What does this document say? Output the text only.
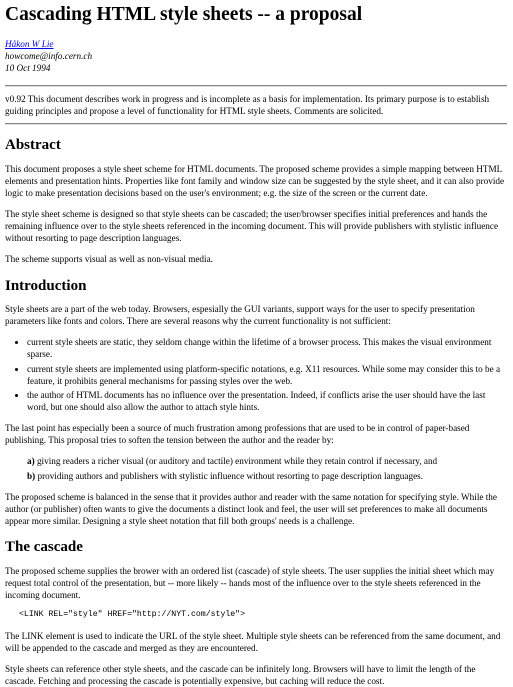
Cascading HTML style sheets -- a proposal
Håkon W Lie
howcome@info.cern.ch
10 Oct 1994

v0.92 This document describes work in progress and is incomplete as a basis for implementation. Its primary purpose is to establish guiding principles and propose a level of functionality for HTML style sheets. Comments are solicited.

Abstract

This document proposes a style sheet scheme for HTML documents. The proposed scheme provides a simple mapping between HTML elements and presentation hints. Properties like font family and window size can be suggested by the style sheet, and it can also provide logic to make presentation decisions based on the user's environment; e.g. the size of the screen or the current date.

The style sheet scheme is designed so that style sheets can be cascaded; the user/browser specifies initial preferences and hands the remaining influence over to the style sheets referenced in the incoming document. This will provide publishers with stylistic influence without resorting to page description languages.

The scheme supports visual as well as non-visual media.

Introduction

Style sheets are a part of the web today. Browsers, espesially the GUI variants, support ways for the user to specify presentation parameters like fonts and colors. There are several reasons why the current functionality is not sufficient:

• current style sheets are static, they seldom change within the lifetime of a browser process. This makes the visual environment sparse.
• current style sheets are implemented using platform-specific notations, e.g. X11 resources. While some may consider this to be a feature, it prohibits general mechanisms for passing styles over the web.
• the author of HTML documents has no influence over the presentation. Indeed, if conflicts arise the user should have the last word, but one should also allow the author to attach style hints.

The last point has especially been a source of much frustration among professions that are used to be in control of paper-based publishing. This proposal tries to soften the tension between the author and the reader by:

a) giving readers a richer visual (or auditory and tactile) environment while they retain control if necessary, and
b) providing authors and publishers with stylistic influence without resorting to page description languages.

The proposed scheme is balanced in the sense that it provides author and reader with the same notation for specifying style. While the author (or publisher) often wants to give the documents a distinct look and feel, the user will set preferences to make all documents appear more similar. Designing a style sheet notation that fill both groups' needs is a challenge.

The cascade

The proposed scheme supplies the brower with an ordered list (cascade) of style sheets. The user supplies the initial sheet which may request total control of the presentation, but -- more likely -- hands most of the influence over to the style sheets referenced in the incoming document.

<LINK REL="style" HREF="http://NYT.com/style">

The LINK element is used to indicate the URL of the style sheet. Multiple style sheets can be referenced from the same document, and will be appended to the cascade and merged as they are encountered.

Style sheets can reference other style sheets, and the cascade can be infinitely long. Browsers will have to limit the length of the cascade. Fetching and processing the cascade is potentially expensive, but caching will reduce the cost.
